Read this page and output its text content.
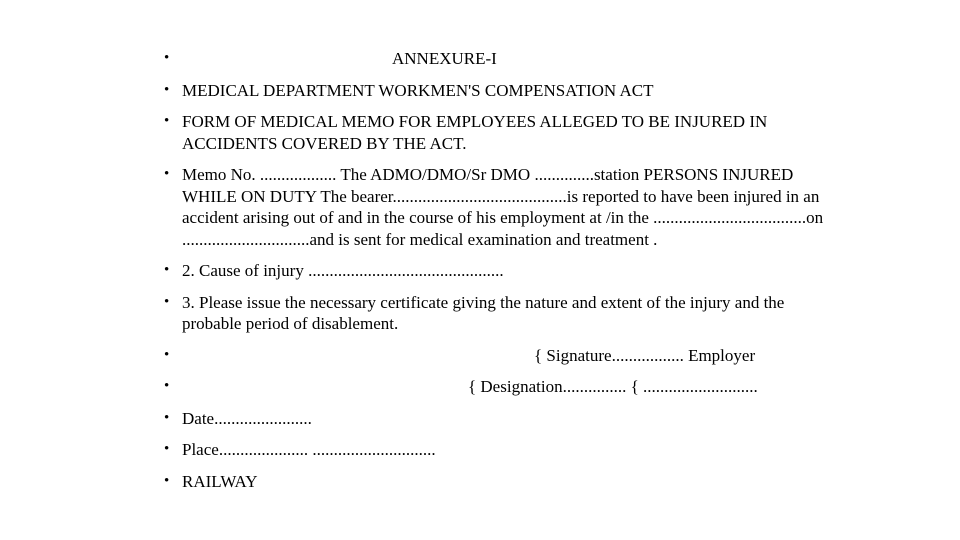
•	ANNEXURE-I
• MEDICAL DEPARTMENT WORKMEN'S COMPENSATION ACT
• FORM OF MEDICAL MEMO FOR EMPLOYEES ALLEGED TO BE INJURED IN ACCIDENTS COVERED BY THE ACT.
• Memo No. .................. The ADMO/DMO/Sr DMO ..............station PERSONS INJURED WHILE ON DUTY The bearer.........................................is reported to have been injured in an accident arising out of and in the course of his employment at /in the ....................................on ..............................and is sent for medical examination and treatment .
• 2. Cause of injury ..............................................
• 3. Please issue the necessary certificate giving the nature and extent of the injury and the probable period of disablement.
•	{ Signature................. Employer
•	{ Designation............... { ...........................
• Date.......................
• Place..................... .............................
• RAILWAY
